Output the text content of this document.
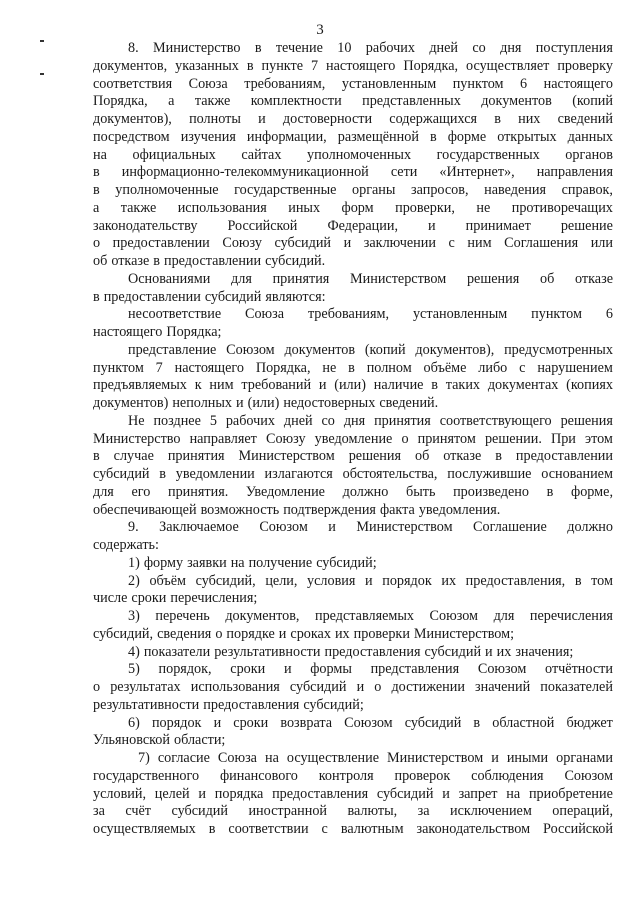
3
8. Министерство в течение 10 рабочих дней со дня поступления
документов, указанных в пункте 7 настоящего Порядка, осуществляет проверку
соответствия Союза требованиям, установленным пунктом 6 настоящего
Порядка, а также комплектности представленных документов (копий
документов), полноты и достоверности содержащихся в них сведений
посредством изучения информации, размещённой в форме открытых данных
на официальных сайтах уполномоченных государственных органов
в информационно-телекоммуникационной сети «Интернет», направления
в уполномоченные государственные органы запросов, наведения справок,
а также использования иных форм проверки, не противоречащих
законодательству Российской Федерации, и принимает решение
о предоставлении Союзу субсидий и заключении с ним Соглашения или
об отказе в предоставлении субсидий.
Основаниями для принятия Министерством решения об отказе
в предоставлении субсидий являются:
несоответствие Союза требованиям, установленным пунктом 6
настоящего Порядка;
представление Союзом документов (копий документов), предусмотренных
пунктом 7 настоящего Порядка, не в полном объёме либо с нарушением
предъявляемых к ним требований и (или) наличие в таких документах (копиях
документов) неполных и (или) недостоверных сведений.
Не позднее 5 рабочих дней со дня принятия соответствующего решения
Министерство направляет Союзу уведомление о принятом решении. При этом
в случае принятия Министерством решения об отказе в предоставлении
субсидий в уведомлении излагаются обстоятельства, послужившие основанием
для его принятия. Уведомление должно быть произведено в форме,
обеспечивающей возможность подтверждения факта уведомления.
9. Заключаемое Союзом и Министерством Соглашение должно
содержать:
1) форму заявки на получение субсидий;
2) объём субсидий, цели, условия и порядок их предоставления, в том
числе сроки перечисления;
3) перечень документов, представляемых Союзом для перечисления
субсидий, сведения о порядке и сроках их проверки Министерством;
4) показатели результативности предоставления субсидий и их значения;
5) порядок, сроки и формы представления Союзом отчётности
о результатах использования субсидий и о достижении значений показателей
результативности предоставления субсидий;
6) порядок и сроки возврата Союзом субсидий в областной бюджет
Ульяновской области;
7) согласие Союза на осуществление Министерством и иными органами
государственного финансового контроля проверок соблюдения Союзом
условий, целей и порядка предоставления субсидий и запрет на приобретение
за счёт субсидий иностранной валюты, за исключением операций,
осуществляемых в соответствии с валютным законодательством Российской
